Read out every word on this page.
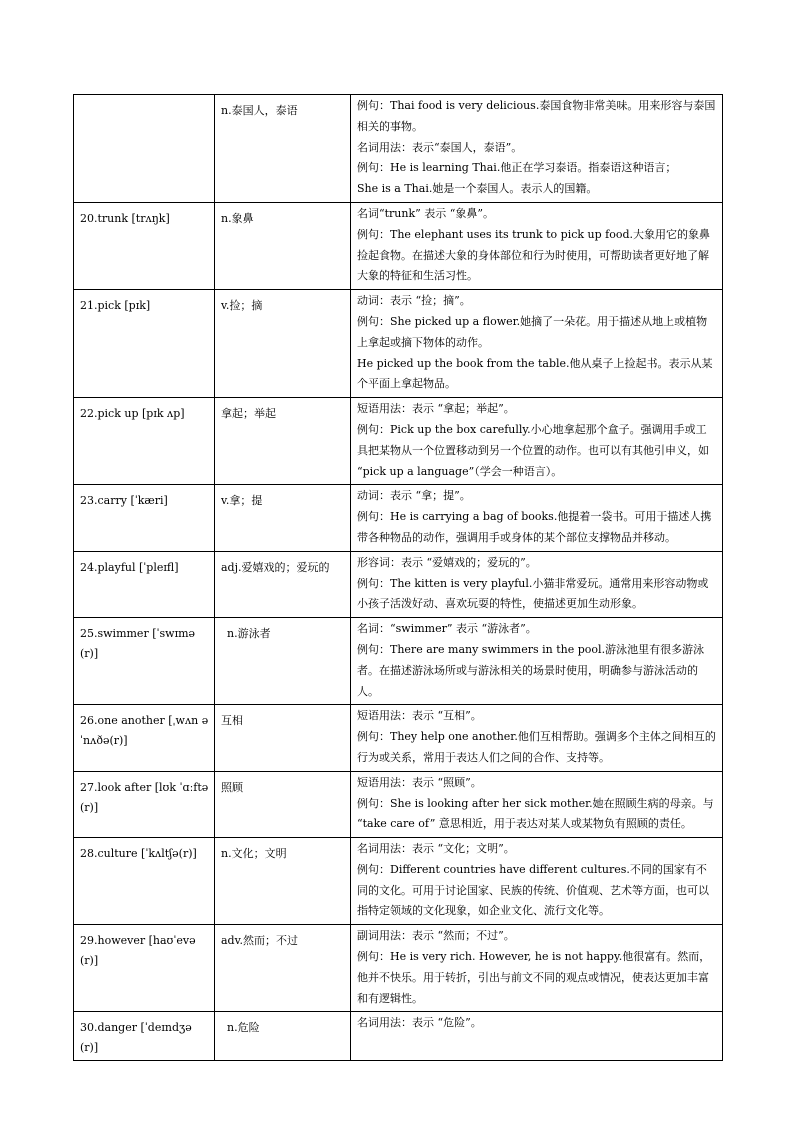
	n.泰国人，泰语	例句：Thai food is very delicious.泰国食物非常美味。用来形容与泰国相关的事物。
名词用法：表示“泰国人，泰语”。
例句：He is learning Thai.他正在学习泰语。指泰语这种语言；
She is a Thai.她是一个泰国人。表示人的国籍。

20.trunk [trʌŋk]	n.象鼻	名词“trunk” 表示 “象鼻”。
例句：The elephant uses its trunk to pick up food.大象用它的象鼻捡起食物。在描述大象的身体部位和行为时使用，可帮助读者更好地了解大象的特征和生活习性。

21.pick [pɪk]	v.捡；摘	动词：表示 “捡；摘”。
例句：She picked up a flower.她摘了一朵花。用于描述从地上或植物上拿起或摘下物体的动作。
He picked up the book from the table.他从桌子上捡起书。表示从某个平面上拿起物品。

22.pick up [pɪk ʌp]	拿起；举起	短语用法：表示 “拿起；举起”。
例句：Pick up the box carefully.小心地拿起那个盒子。强调用手或工具把某物从一个位置移动到另一个位置的动作。也可以有其他引申义，如 “pick up a language”（学会一种语言）。

23.carry [ˈkæri]	v.拿；提	动词：表示 “拿；提”。
例句：He is carrying a bag of books.他提着一袋书。可用于描述人携带各种物品的动作，强调用手或身体的某个部位支撑物品并移动。

24.playful [ˈpleɪfl]	adj.爱嬉戏的；爱玩的	形容词：表示 “爱嬉戏的；爱玩的”。
例句：The kitten is very playful.小猫非常爱玩。通常用来形容动物或小孩子活泼好动、喜欢玩耍的特性，使描述更加生动形象。

25.swimmer [ˈswɪmə(r)]	n.游泳者	名词：“swimmer” 表示 “游泳者”。
例句：There are many swimmers in the pool.游泳池里有很多游泳者。在描述游泳场所或与游泳相关的场景时使用，明确参与游泳活动的人。

26.one another [ˌwʌn əˈnʌðə(r)]	互相	短语用法：表示 “互相”。
例句：They help one another.他们互相帮助。强调多个主体之间相互的行为或关系，常用于表达人们之间的合作、支持等。

27.look after [lʊk ˈɑːftə(r)]	照顾	短语用法：表示 “照顾”。
例句：She is looking after her sick mother.她在照顾生病的母亲。与 “take care of” 意思相近，用于表达对某人或某物负有照顾的责任。

28.culture [ˈkʌltʃə(r)]	n.文化；文明	名词用法：表示 “文化；文明”。
例句：Different countries have different cultures.不同的国家有不同的文化。可用于讨论国家、民族的传统、价值观、艺术等方面，也可以指特定领域的文化现象，如企业文化、流行文化等。

29.however [haʊˈevə(r)]	adv.然而；不过	副词用法：表示 “然而；不过”。
例句：He is very rich. However, he is not happy.他很富有。然而，他并不快乐。用于转折，引出与前文不同的观点或情况，使表达更加丰富和有逻辑性。

30.danger [ˈdeɪndʒə(r)]	n.危险	名词用法：表示 “危险”。
